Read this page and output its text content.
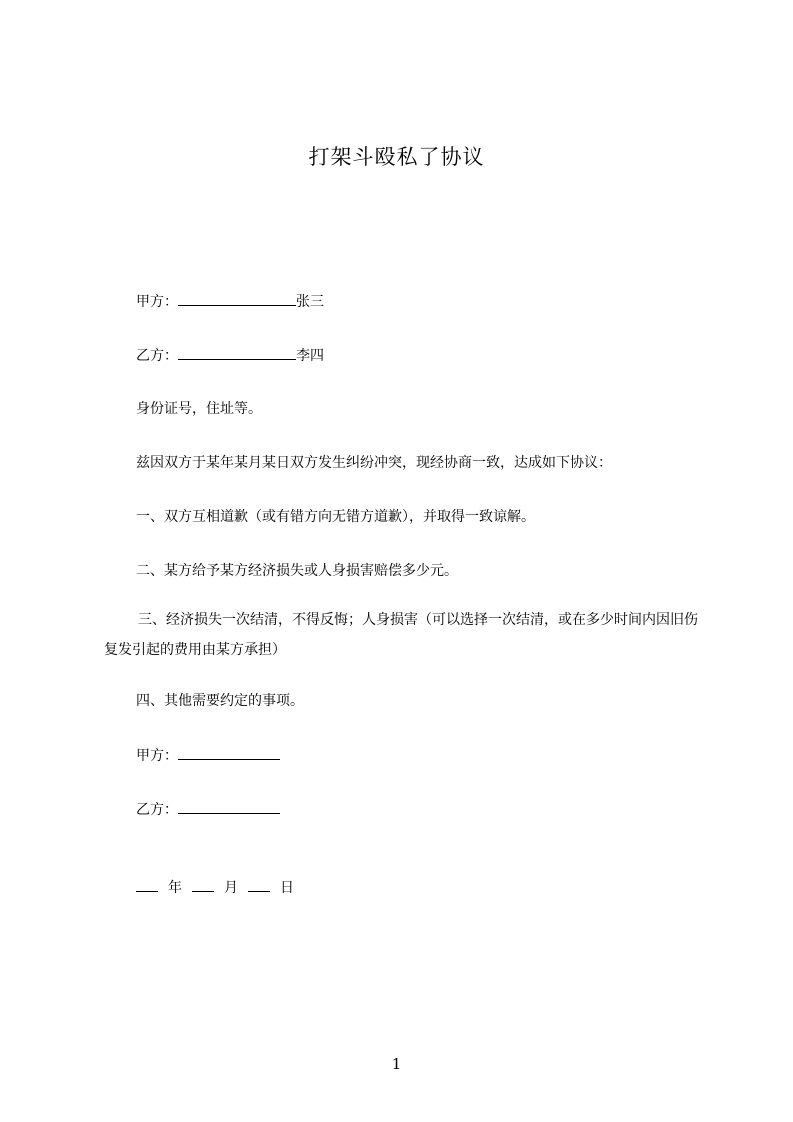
打架斗殴私了协议
甲方：	张三
乙方：	李四
身份证号，住址等。
兹因双方于某年某月某日双方发生纠纷冲突，现经协商一致，达成如下协议：
一、双方互相道歉（或有错方向无错方道歉），并取得一致谅解。
二、某方给予某方经济损失或人身损害赔偿多少元。
三、经济损失一次结清，不得反悔；人身损害（可以选择一次结清，或在多少时间内因旧伤复发引起的费用由某方承担）
四、其他需要约定的事项。
甲方：
乙方：
年	月	日
1
